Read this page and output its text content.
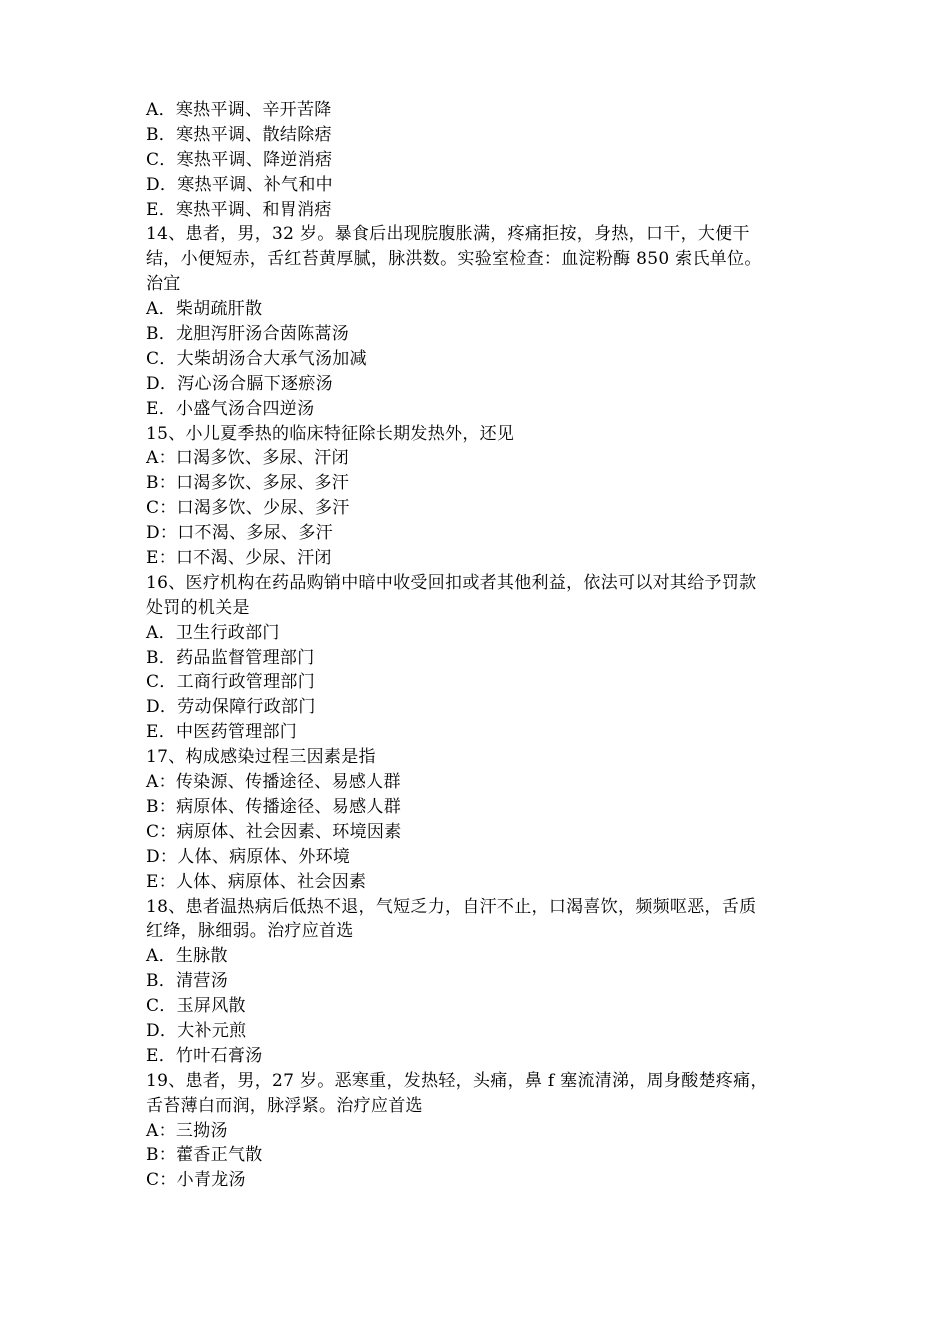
A．寒热平调、辛开苦降
B．寒热平调、散结除痞
C．寒热平调、降逆消痞
D．寒热平调、补气和中
E．寒热平调、和胃消痞
14、患者，男，32 岁。暴食后出现脘腹胀满，疼痛拒按，身热，口干，大便干
结，小便短赤，舌红苔黄厚腻，脉洪数。实验室检查：血淀粉酶 850 索氏单位。
治宜
A．柴胡疏肝散
B．龙胆泻肝汤合茵陈蒿汤
C．大柴胡汤合大承气汤加减
D．泻心汤合膈下逐瘀汤
E．小盛气汤合四逆汤
15、小儿夏季热的临床特征除长期发热外，还见
A：口渴多饮、多尿、汗闭
B：口渴多饮、多尿、多汗
C：口渴多饮、少尿、多汗
D：口不渴、多尿、多汗
E：口不渴、少尿、汗闭
16、医疗机构在药品购销中暗中收受回扣或者其他利益，依法可以对其给予罚款
处罚的机关是
A．卫生行政部门
B．药品监督管理部门
C．工商行政管理部门
D．劳动保障行政部门
E．中医药管理部门
17、构成感染过程三因素是指
A：传染源、传播途径、易感人群
B：病原体、传播途径、易感人群
C：病原体、社会因素、环境因素
D：人体、病原体、外环境
E：人体、病原体、社会因素
18、患者温热病后低热不退，气短乏力，自汗不止，口渴喜饮，频频呕恶，舌质
红绛，脉细弱。治疗应首选
A．生脉散
B．清营汤
C．玉屏风散
D．大补元煎
E．竹叶石膏汤
19、患者，男，27 岁。恶寒重，发热轻，头痛，鼻 f 塞流清涕，周身酸楚疼痛，
舌苔薄白而润，脉浮紧。治疗应首选
A：三拗汤
B：藿香正气散
C：小青龙汤
